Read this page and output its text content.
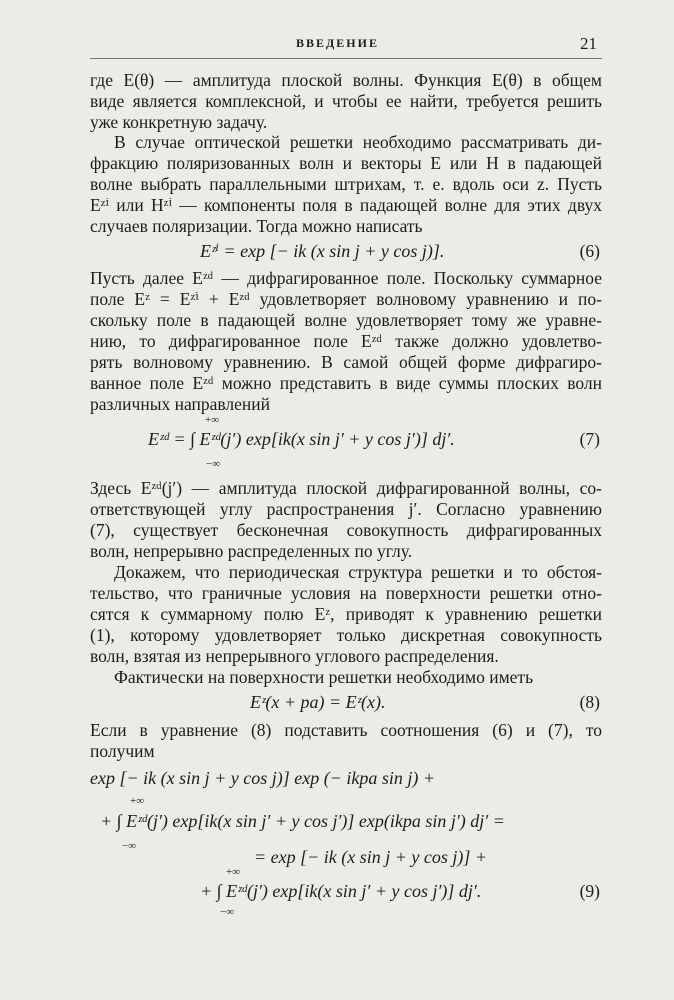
ВВЕДЕНИЕ	21
где E(θ) — амплитуда плоской волны. Функция E(θ) в общем
виде является комплексной, и чтобы ее найти, требуется решить
уже конкретную задачу.
В случае оптической решетки необходимо рассматривать ди-
фракцию поляризованных волн и векторы E или H в падающей
волне выбрать параллельными штрихам, т. е. вдоль оси z. Пусть
Eᶻⁱ или Hᶻⁱ — компоненты поля в падающей волне для этих двух
случаев поляризации. Тогда можно написать
Eᶻⁱ = exp [− ik (x sin j + y cos j)].	(6)
Пусть далее Eᶻᵈ — дифрагированное поле. Поскольку суммарное
поле Eᶻ = Eᶻⁱ + Eᶻᵈ удовлетворяет волновому уравнению и по-
скольку поле в падающей волне удовлетворяет тому же уравне-
нию, то дифрагированное поле Eᶻᵈ также должно удовлетво-
рять волновому уравнению. В самой общей форме дифрагиро-
ванное поле Eᶻᵈ можно представить в виде суммы плоских волн
различных направлений
+∞
Eᶻᵈ = ∫ Eᶻᵈ(j′) exp[ik(x sin j′ + y cos j′)] dj′.
−∞
(7)
Здесь Eᶻᵈ(j′) — амплитуда плоской дифрагированной волны, со-
ответствующей углу распространения j′. Согласно уравнению
(7), существует бесконечная совокупность дифрагированных
волн, непрерывно распределенных по углу.
Докажем, что периодическая структура решетки и то обстоя-
тельство, что граничные условия на поверхности решетки отно-
сятся к суммарному полю Eᶻ, приводят к уравнению решетки
(1), которому удовлетворяет только дискретная совокупность
волн, взятая из непрерывного углового распределения.
Фактически на поверхности решетки необходимо иметь
Eᶻ(x + pa) = Eᶻ(x).	(8)
Если в уравнение (8) подставить соотношения (6) и (7), то
получим
exp [− ik (x sin j + y cos j)] exp (− ikpa sin j) +
+∞
+ ∫ Eᶻᵈ(j′) exp[ik(x sin j′ + y cos j′)] exp(ikpa sin j′) dj′ =
−∞
= exp [− ik (x sin j + y cos j)] +
+∞
+ ∫ Eᶻᵈ(j′) exp[ik(x sin j′ + y cos j′)] dj′.
−∞
(9)
